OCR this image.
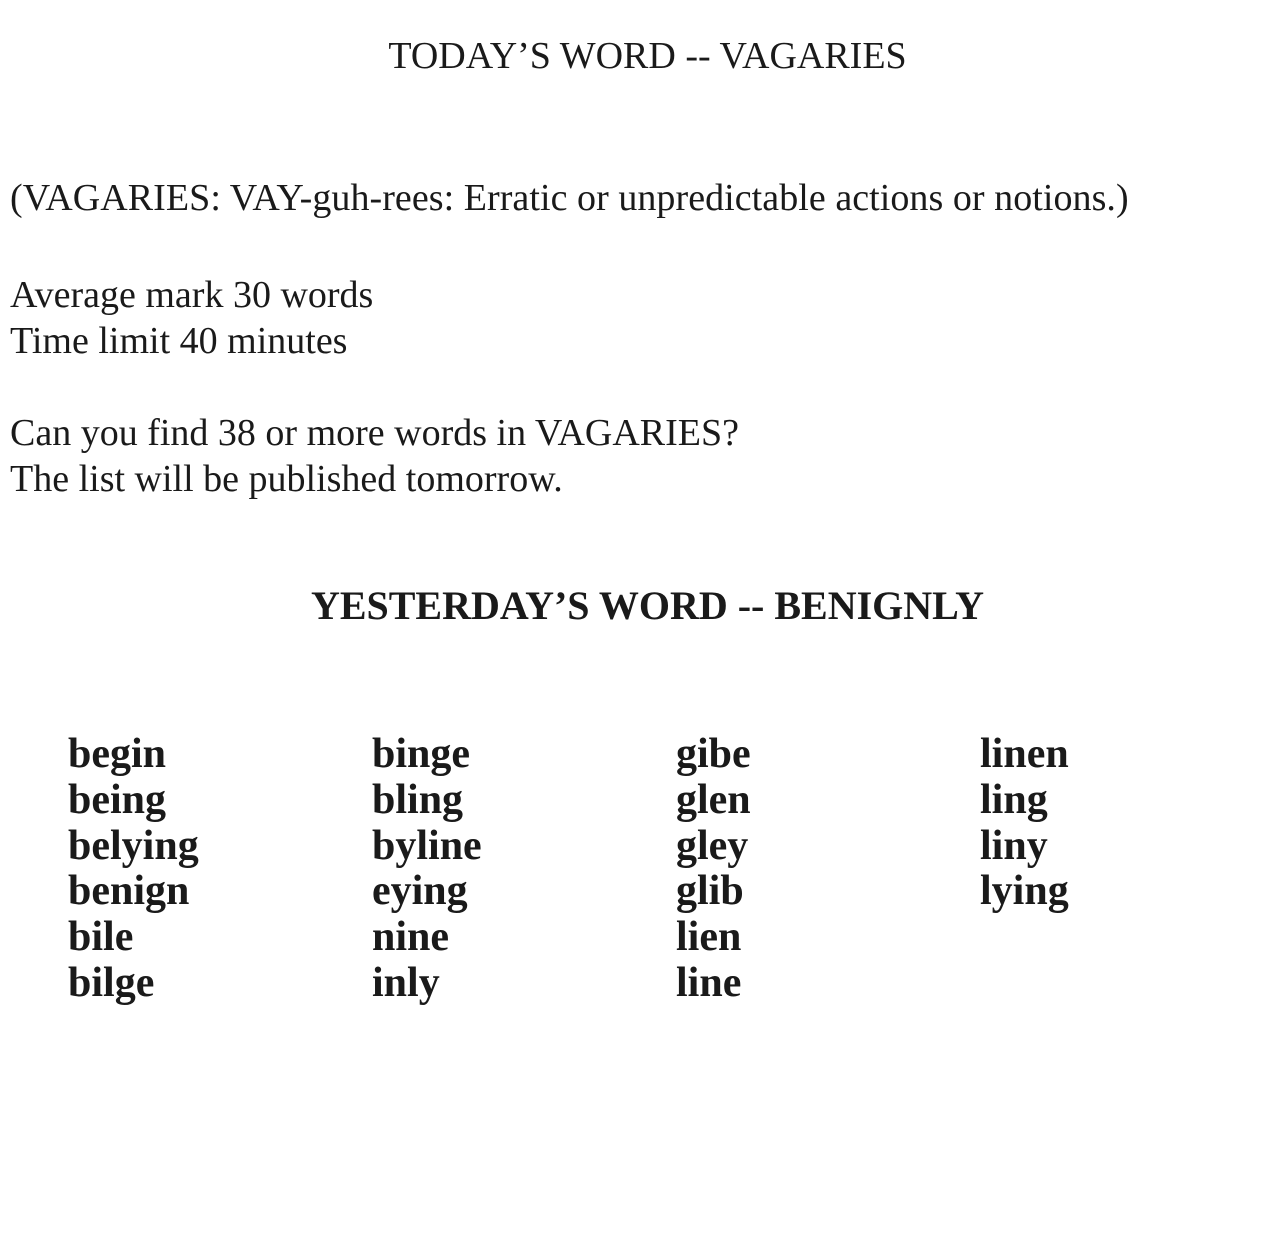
TODAY’S WORD -- VAGARIES
(VAGARIES: VAY-guh-rees: Erratic or unpredictable actions or notions.)
Average mark 30 words
Time limit 40 minutes
Can you find 38 or more words in VAGARIES?
The list will be published tomorrow.
YESTERDAY’S WORD -- BENIGNLY
begin
being
belying
benign
bile
bilge
binge
bling
byline
eying
nine
inly
gibe
glen
gley
glib
lien
line
linen
ling
liny
lying
